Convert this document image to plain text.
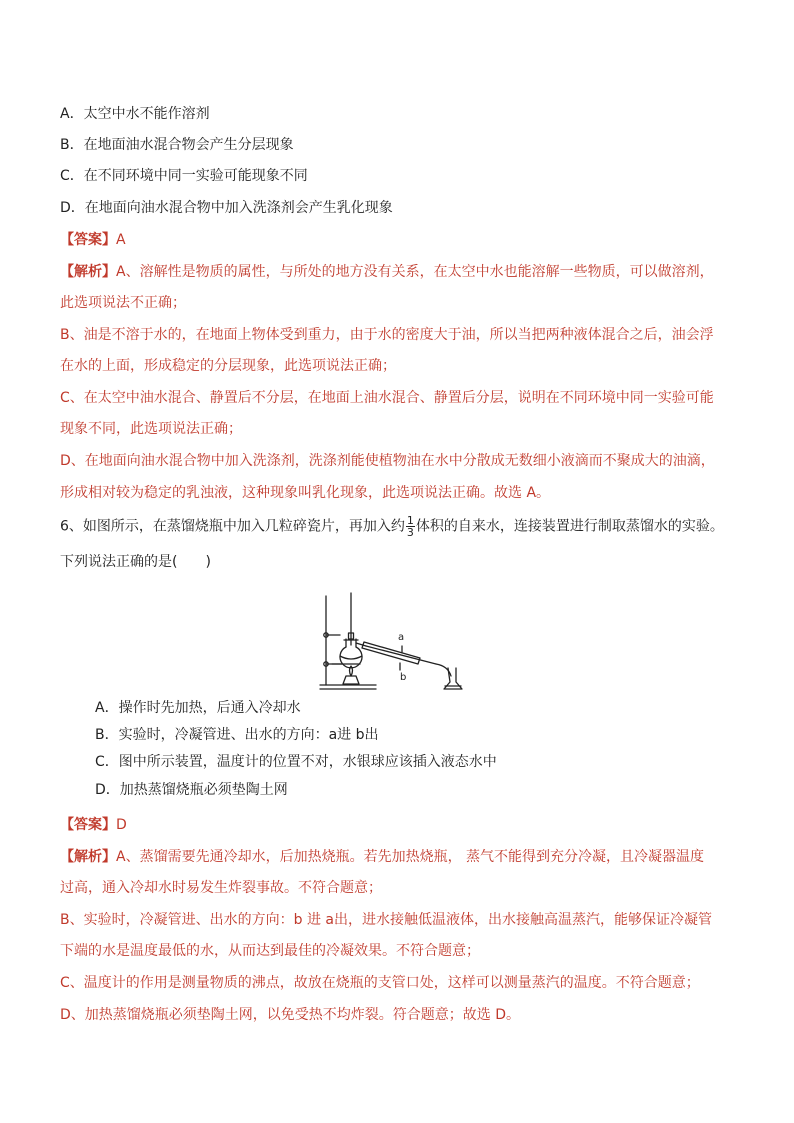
A．太空中水不能作溶剂
B．在地面油水混合物会产生分层现象
C．在不同环境中同一实验可能现象不同
D．在地面向油水混合物中加入洗涤剂会产生乳化现象
【答案】A
【解析】A、溶解性是物质的属性，与所处的地方没有关系，在太空中水也能溶解一些物质，可以做溶剂，
此选项说法不正确；
B、油是不溶于水的，在地面上物体受到重力，由于水的密度大于油，所以当把两种液体混合之后，油会浮
在水的上面，形成稳定的分层现象，此选项说法正确；
C、在太空中油水混合、静置后不分层，在地面上油水混合、静置后分层，说明在不同环境中同一实验可能
现象不同，此选项说法正确；
D、在地面向油水混合物中加入洗涤剂，洗涤剂能使植物油在水中分散成无数细小液滴而不聚成大的油滴，
形成相对较为稳定的乳浊液，这种现象叫乳化现象，此选项说法正确。故选 A。
6、如图所示，在蒸馏烧瓶中加入几粒碎瓷片，再加入约 $\frac{1}{3}$ 体积的自来水，连接装置进行制取蒸馏水的实验。
下列说法正确的是(　　)
a
b
A．操作时先加热，后通入冷却水
B．实验时，冷凝管进、出水的方向：a进 b出
C．图中所示装置，温度计的位置不对，水银球应该插入液态水中
D．加热蒸馏烧瓶必须垫陶土网
【答案】D
【解析】A、蒸馏需要先通冷却水，后加热烧瓶。若先加热烧瓶， 蒸气不能得到充分冷凝，且冷凝器温度
过高，通入冷却水时易发生炸裂事故。不符合题意；
B、实验时，冷凝管进、出水的方向：b 进 a出，进水接触低温液体，出水接触高温蒸汽，能够保证冷凝管
下端的水是温度最低的水，从而达到最佳的冷凝效果。不符合题意；
C、温度计的作用是测量物质的沸点，故放在烧瓶的支管口处，这样可以测量蒸汽的温度。不符合题意；
D、加热蒸馏烧瓶必须垫陶土网，以免受热不均炸裂。符合题意；故选 D。
